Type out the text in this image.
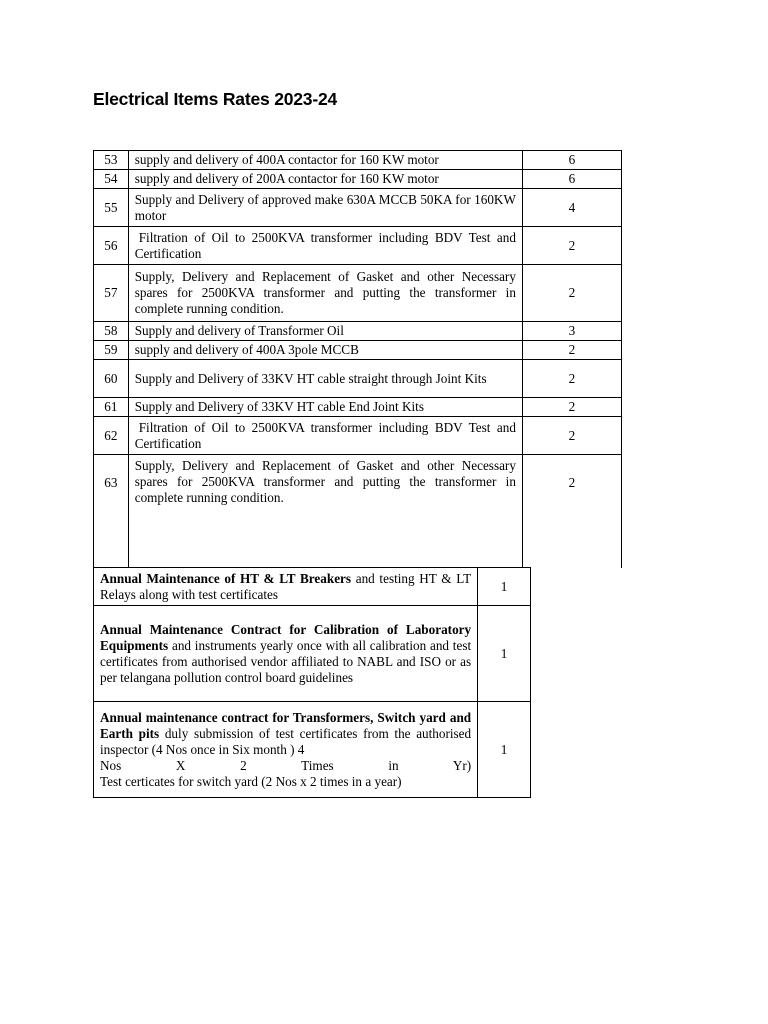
Electrical Items Rates 2023-24
53	supply and delivery of 400A contactor for 160 KW motor	6
54	supply and delivery of 200A contactor for 160 KW motor	6
55	Supply and Delivery of approved make 630A MCCB 50KA for 160KW motor	4
56	Filtration of Oil to 2500KVA transformer including BDV Test and Certification	2
57	Supply, Delivery and Replacement of Gasket and other Necessary spares for 2500KVA transformer and putting the transformer in complete running condition.	2
58	Supply and delivery of Transformer Oil	3
59	supply and delivery of 400A 3pole MCCB	2
60	Supply and Delivery of 33KV HT cable straight through Joint Kits	2
61	Supply and Delivery of 33KV HT cable End Joint Kits	2
62	Filtration of Oil to 2500KVA transformer including BDV Test and Certification	2
63	Supply, Delivery and Replacement of Gasket and other Necessary spares for 2500KVA transformer and putting the transformer in complete running condition.	2
Annual Maintenance of HT & LT Breakers and testing HT & LT Relays along with test certificates	1
Annual Maintenance Contract for Calibration of Laboratory Equipments and instruments yearly once with all calibration and test certificates from authorised vendor affiliated to NABL and ISO or as per telangana pollution control board guidelines	1
Annual maintenance contract for Transformers, Switch yard and Earth pits duly submission of test certificates from the authorised inspector (4 Nos once in Six month ) 4
Nos X 2 Times in Yr)
Test certicates for switch yard (2 Nos x 2 times in a year)	1
